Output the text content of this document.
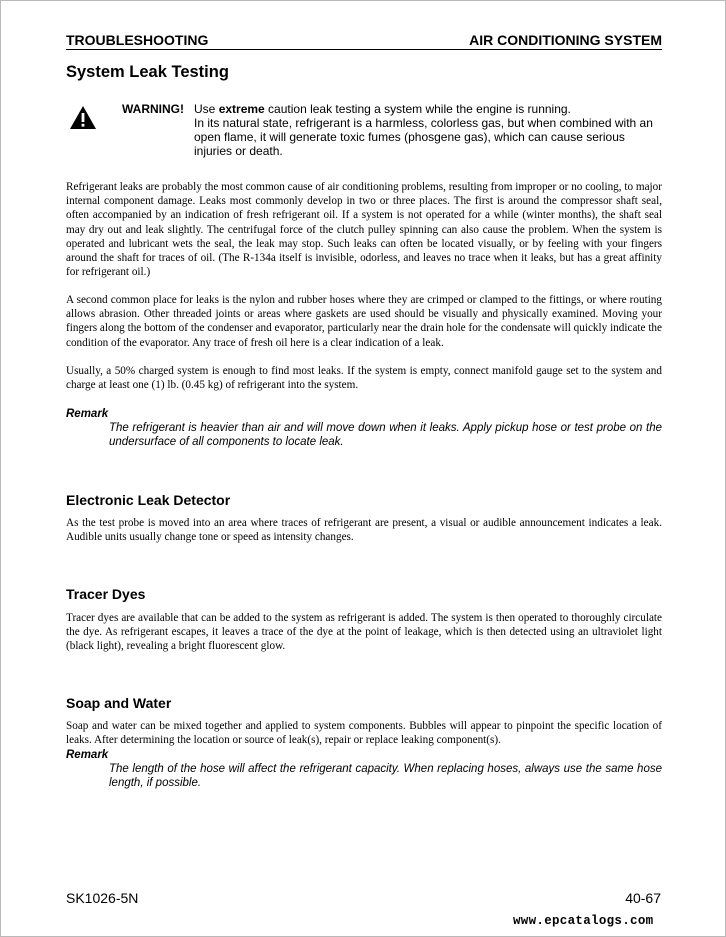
TROUBLESHOOTING	AIR CONDITIONING SYSTEM
System Leak Testing
WARNING! Use extreme caution leak testing a system while the engine is running.
In its natural state, refrigerant is a harmless, colorless gas, but when combined with an open flame, it will generate toxic fumes (phosgene gas), which can cause serious injuries or death.

Refrigerant leaks are probably the most common cause of air conditioning problems, resulting from improper or no cooling, to major internal component damage. Leaks most commonly develop in two or three places. The first is around the compressor shaft seal, often accompanied by an indication of fresh refrigerant oil. If a system is not operated for a while (winter months), the shaft seal may dry out and leak slightly. The centrifugal force of the clutch pulley spinning can also cause the problem. When the system is operated and lubricant wets the seal, the leak may stop. Such leaks can often be located visually, or by feeling with your fingers around the shaft for traces of oil. (The R-134a itself is invisible, odorless, and leaves no trace when it leaks, but has a great affinity for refrigerant oil.)

A second common place for leaks is the nylon and rubber hoses where they are crimped or clamped to the fittings, or where routing allows abrasion. Other threaded joints or areas where gaskets are used should be visually and physically examined. Moving your fingers along the bottom of the condenser and evaporator, particularly near the drain hole for the condensate will quickly indicate the condition of the evaporator. Any trace of fresh oil here is a clear indication of a leak.

Usually, a 50% charged system is enough to find most leaks. If the system is empty, connect manifold gauge set to the system and charge at least one (1) lb. (0.45 kg) of refrigerant into the system.

Remark

The refrigerant is heavier than air and will move down when it leaks. Apply pickup hose or test probe on the undersurface of all components to locate leak.

Electronic Leak Detector

As the test probe is moved into an area where traces of refrigerant are present, a visual or audible announcement indicates a leak. Audible units usually change tone or speed as intensity changes.

Tracer Dyes

Tracer dyes are available that can be added to the system as refrigerant is added. The system is then operated to thoroughly circulate the dye. As refrigerant escapes, it leaves a trace of the dye at the point of leakage, which is then detected using an ultraviolet light (black light), revealing a bright fluorescent glow.

Soap and Water

Soap and water can be mixed together and applied to system components. Bubbles will appear to pinpoint the specific location of leaks. After determining the location or source of leak(s), repair or replace leaking component(s).

Remark

The length of the hose will affect the refrigerant capacity. When replacing hoses, always use the same hose length, if possible.

SK1026-5N	40-67
www.epcatalogs.com
